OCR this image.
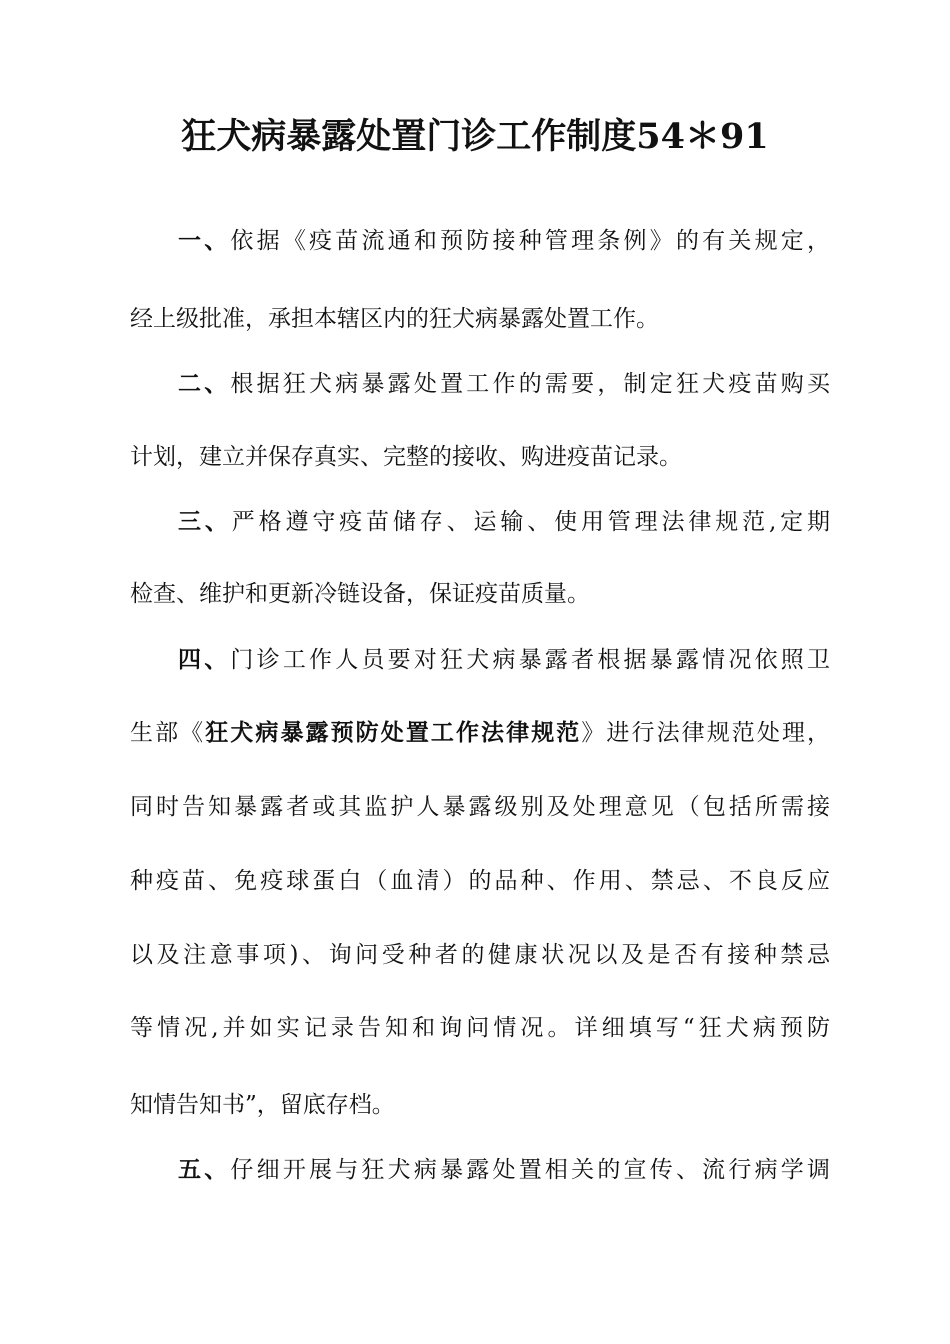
狂犬病暴露处置门诊工作制度54＊91
一、依据《疫苗流通和预防接种管理条例》的有关规定，
经上级批准，承担本辖区内的狂犬病暴露处置工作。
二、根据狂犬病暴露处置工作的需要，制定狂犬疫苗购买
计划，建立并保存真实、完整的接收、购进疫苗记录。
三、严格遵守疫苗储存、运输、使用管理法律规范,定期
检查、维护和更新冷链设备，保证疫苗质量。
四、门诊工作人员要对狂犬病暴露者根据暴露情况依照卫
生部《狂犬病暴露预防处置工作法律规范》进行法律规范处理，
同时告知暴露者或其监护人暴露级别及处理意见（包括所需接
种疫苗、免疫球蛋白（血清）的品种、作用、禁忌、不良反应
以及注意事项)、询问受种者的健康状况以及是否有接种禁忌
等情况,并如实记录告知和询问情况。详细填写“狂犬病预防
知情告知书”，留底存档。
五、仔细开展与狂犬病暴露处置相关的宣传、流行病学调
